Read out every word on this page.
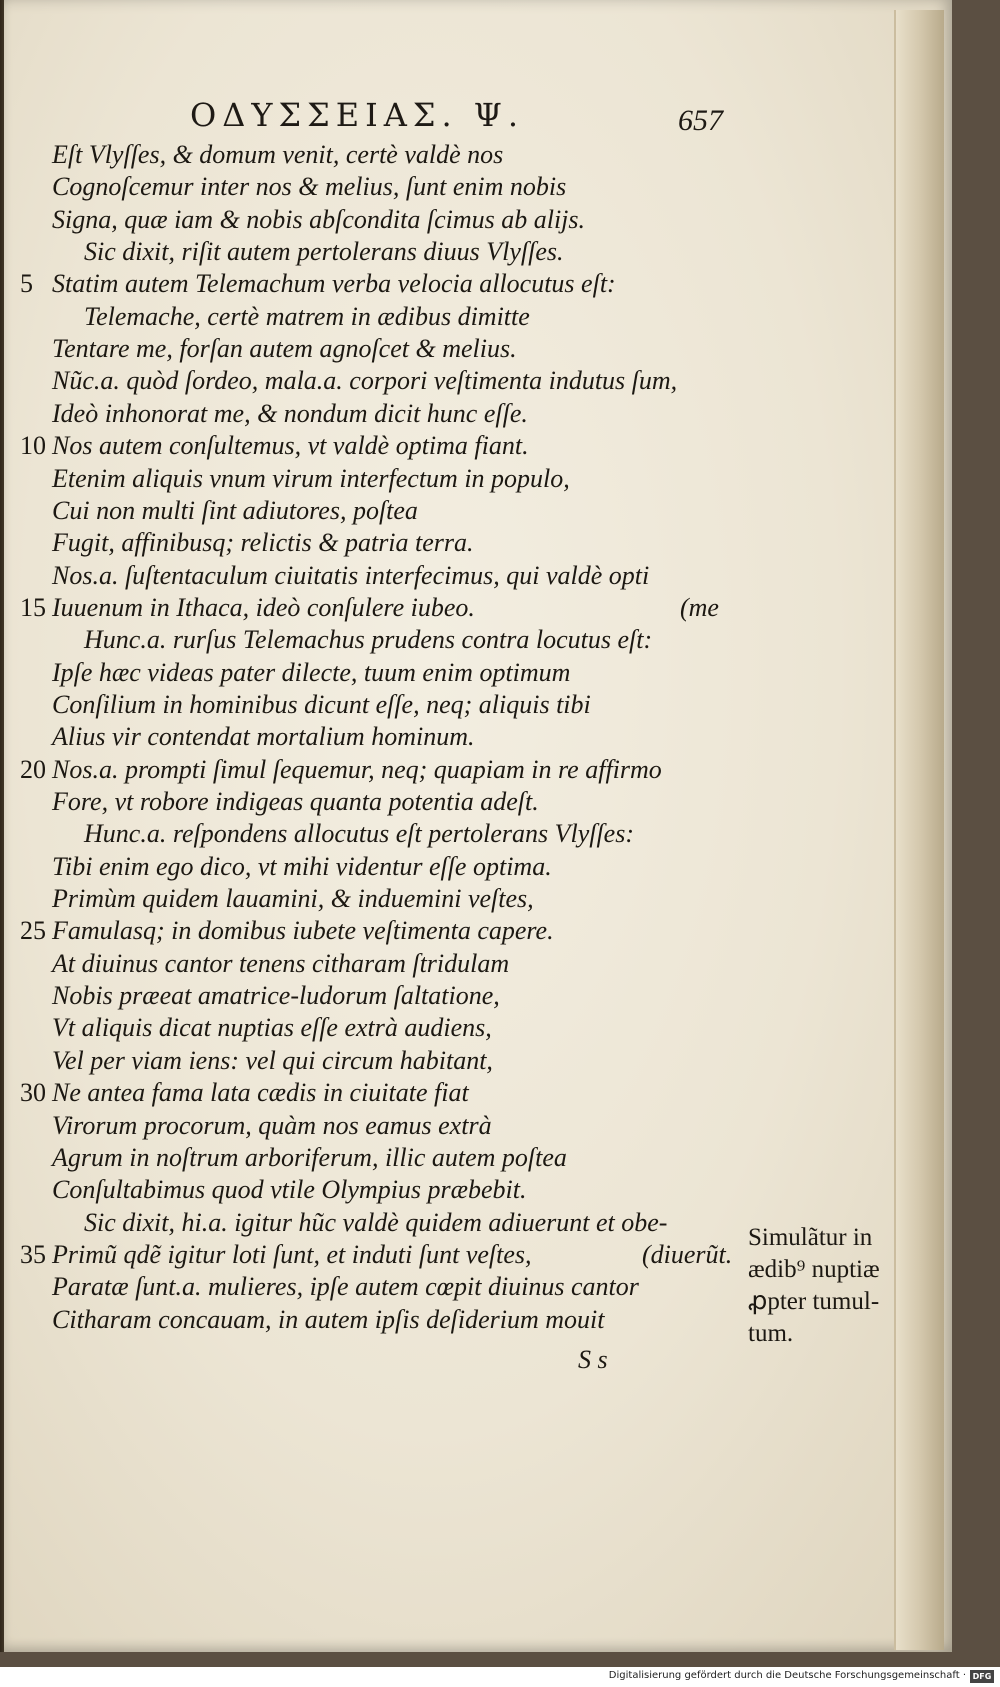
ΟΔΥΣΣΕΙΑΣ. Ψ.	657
Eſt Vlyſſes, & domum venit, certè valdè nos
Cognoſcemur inter nos & melius, ſunt enim nobis
Signa, quæ iam & nobis abſcondita ſcimus ab alijs.
Sic dixit, riſit autem pertolerans diuus Vlyſſes.
5 Statim autem Telemachum verba velocia allocutus eſt:
Telemache, certè matrem in ædibus dimitte
Tentare me, forſan autem agnoſcet & melius.
Nũc.a. quòd ſordeo, mala.a. corpori veſtimenta indutus ſum,
Ideò inhonorat me, & nondum dicit hunc eſſe.
10 Nos autem conſultemus, vt valdè optima fiant.
Etenim aliquis vnum virum interfectum in populo,
Cui non multi ſint adiutores, poſtea
Fugit, affinibusq; relictis & patria terra.
Nos.a. ſuſtentaculum ciuitatis interfecimus, qui valdè opti
15 Iuuenum in Ithaca, ideò conſulere iubeo.
Hunc.a. rurſus Telemachus prudens contra locutus eſt:
Ipſe hæc videas pater dilecte, tuum enim optimum
Conſilium in hominibus dicunt eſſe, neq; aliquis tibi
Alius vir contendat mortalium hominum.
20 Nos.a. prompti ſimul ſequemur, neq; quapiam in re affirmo
Fore, vt robore indigeas quanta potentia adeſt.
Hunc.a. reſpondens allocutus eſt pertolerans Vlyſſes:
Tibi enim ego dico, vt mihi videntur eſſe optima.
Primùm quidem lauamini, & induemini veſtes,
25 Famulasq; in domibus iubete veſtimenta capere.
At diuinus cantor tenens citharam ſtridulam
Nobis præeat amatrice-ludorum ſaltatione,
Vt aliquis dicat nuptias eſſe extrà audiens,
Vel per viam iens: vel qui circum habitant,
30 Ne antea fama lata cædis in ciuitate fiat
Virorum procorum, quàm nos eamus extrà
Agrum in noſtrum arboriferum, illic autem poſtea
Conſultabimus quod vtile Olympius præbebit.
Sic dixit, hi.a. igitur hũc valdè quidem adiuerunt et obe-
35 Primũ qdẽ igitur loti ſunt, et induti ſunt veſtes,
Paratæ ſunt.a. mulieres, ipſe autem cœpit diuinus cantor
Citharam concauam, in autem ipſis deſiderium mouit
(me
(diuerũt.
Simulãtur in
ædib⁹ nuptiæ
ꝓpter tumul-
tum.
S s
Digitalisierung gefördert durch die Deutsche Forschungsgemeinschaft · DFG
